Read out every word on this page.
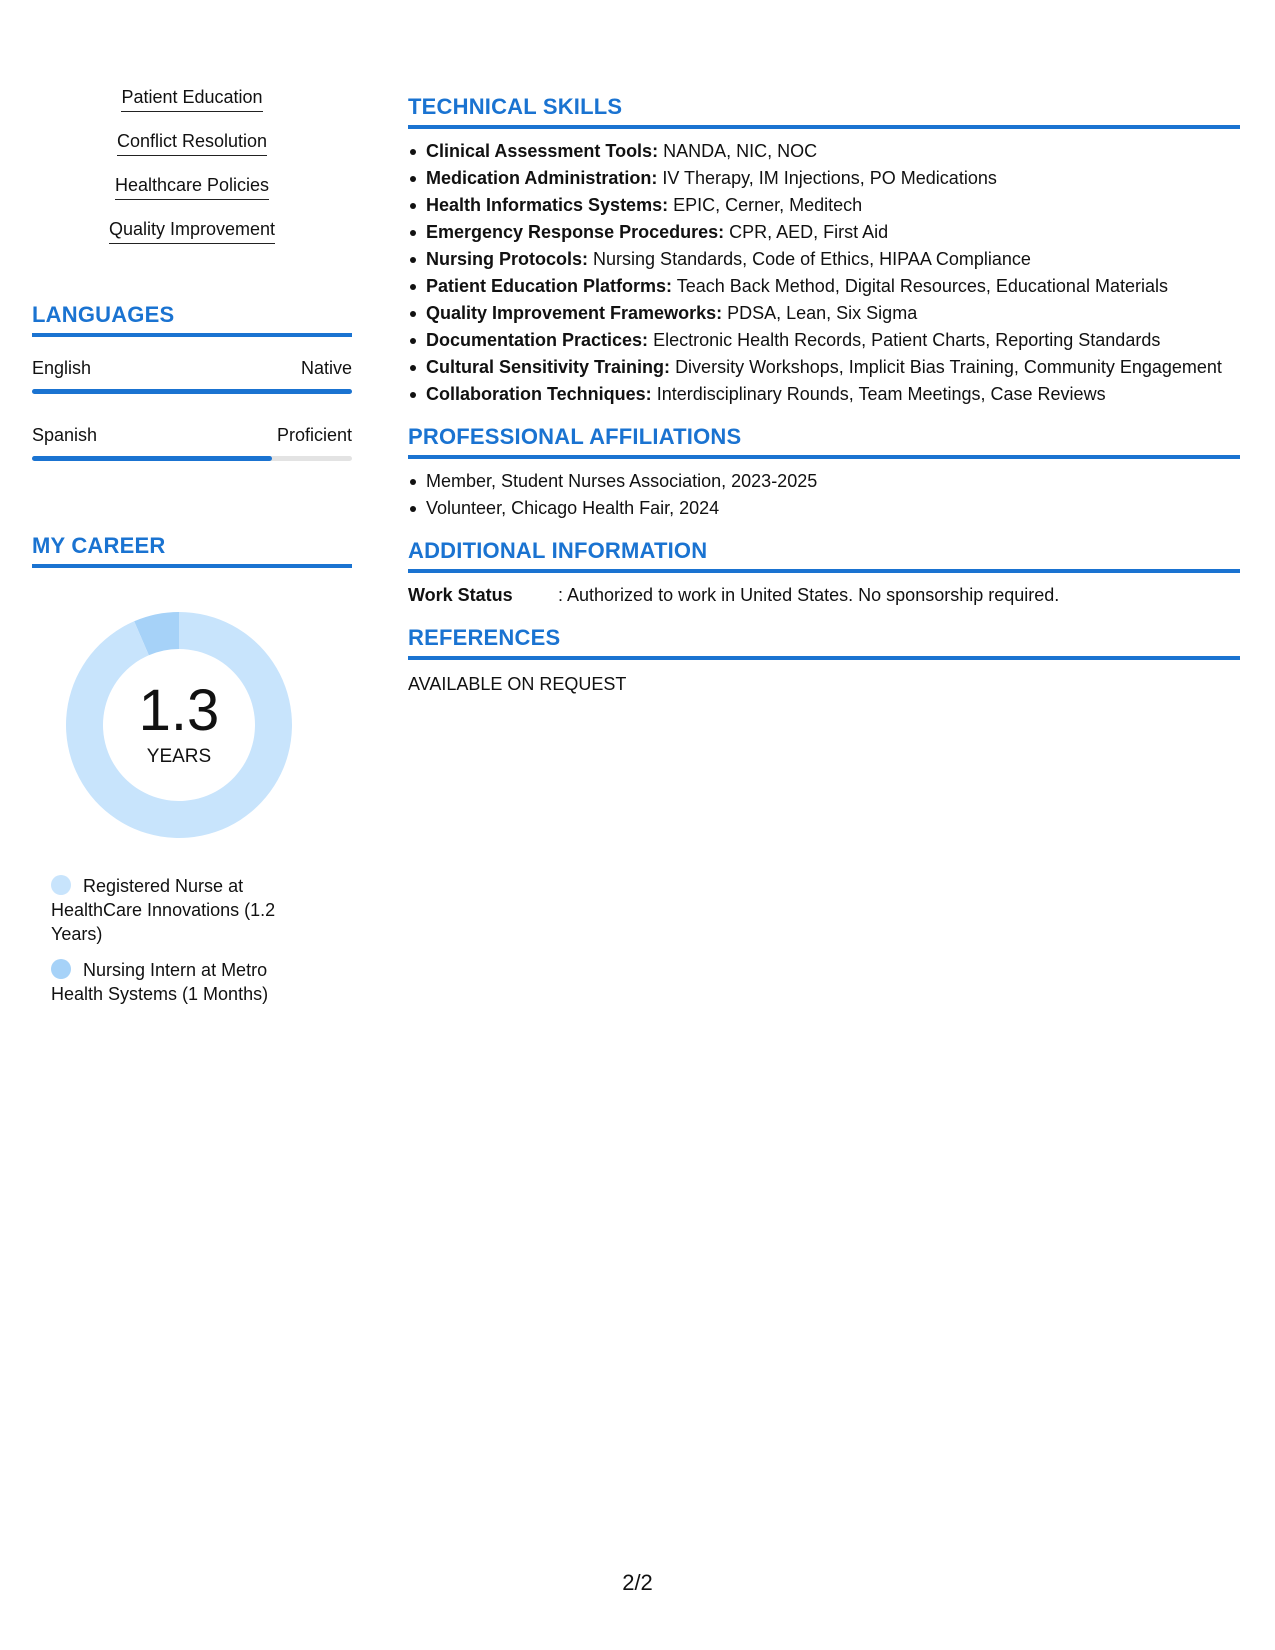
Patient Education
Conflict Resolution
Healthcare Policies
Quality Improvement
LANGUAGES
English	Native
Spanish	Proficient
MY CAREER
1.3
YEARS
Registered Nurse at HealthCare Innovations (1.2 Years)
Nursing Intern at Metro Health Systems (1 Months)
TECHNICAL SKILLS
Clinical Assessment Tools: NANDA, NIC, NOC
Medication Administration: IV Therapy, IM Injections, PO Medications
Health Informatics Systems: EPIC, Cerner, Meditech
Emergency Response Procedures: CPR, AED, First Aid
Nursing Protocols: Nursing Standards, Code of Ethics, HIPAA Compliance
Patient Education Platforms: Teach Back Method, Digital Resources, Educational Materials
Quality Improvement Frameworks: PDSA, Lean, Six Sigma
Documentation Practices: Electronic Health Records, Patient Charts, Reporting Standards
Cultural Sensitivity Training: Diversity Workshops, Implicit Bias Training, Community Engagement
Collaboration Techniques: Interdisciplinary Rounds, Team Meetings, Case Reviews
PROFESSIONAL AFFILIATIONS
Member, Student Nurses Association, 2023-2025
Volunteer, Chicago Health Fair, 2024
ADDITIONAL INFORMATION
Work Status	: Authorized to work in United States. No sponsorship required.
REFERENCES
AVAILABLE ON REQUEST
2/2
